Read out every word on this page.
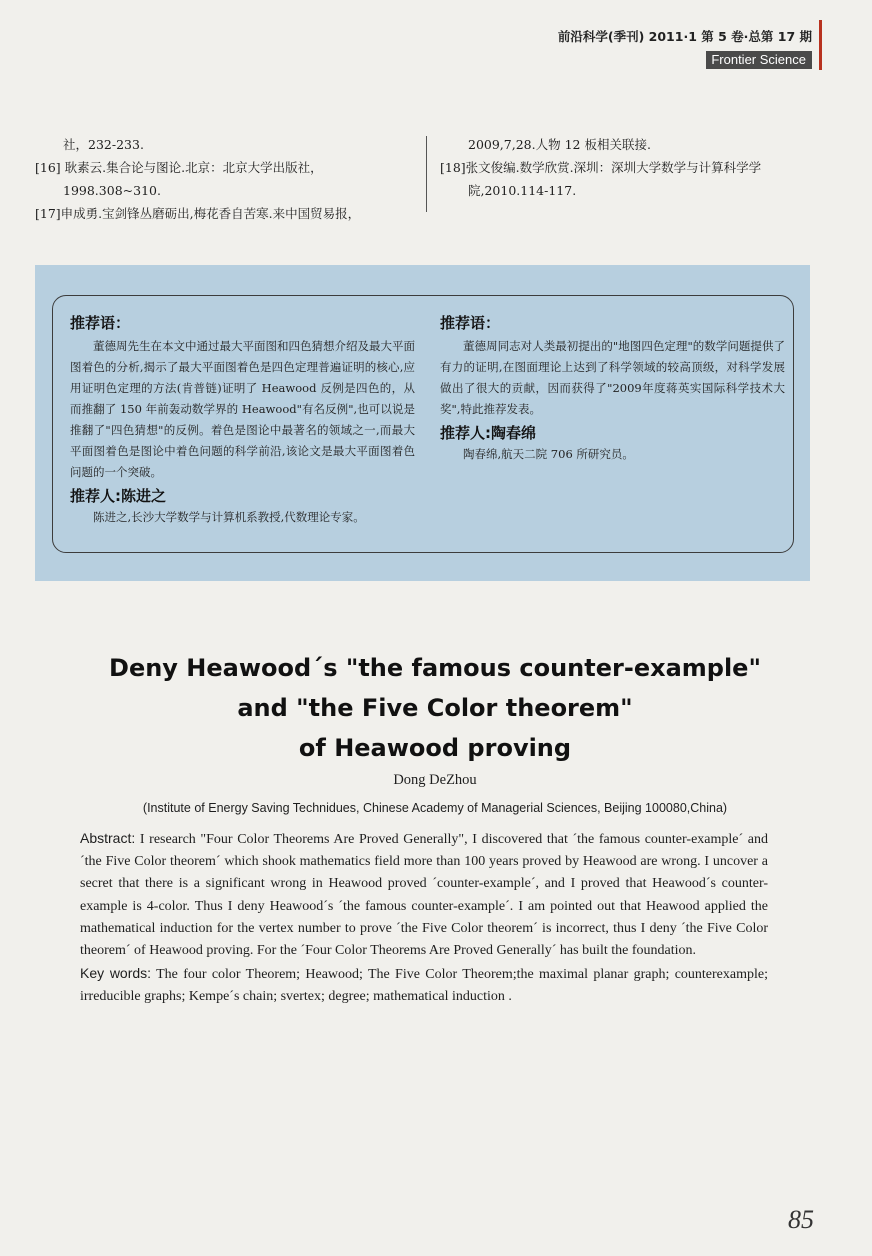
前沿科学(季刊) 2011·1 第 5 卷·总第 17 期
Frontier Science
社，232-233.
[16] 耿素云.集合论与图论.北京：北京大学出版社，
1998.308~310.
[17]申成勇.宝剑锋丛磨砺出,梅花香自苦寒.来中国贸易报，
2009,7,28.人物 12 板相关联接.
[18]张文俊编.数学欣赏.深圳：深圳大学数学与计算科学学
院,2010.114-117.
推荐语：
董德周先生在本文中通过最大平面图和四色猜想介绍及最大平面图着色的分析,揭示了最大平面图着色是四色定理普遍证明的核心,应用证明色定理的方法(肯普链)证明了 Heawood 反例是四色的，从而推翻了 150 年前轰动数学界的 Heawood"有名反例",也可以说是推翻了"四色猜想"的反例。着色是图论中最著名的领域之一,而最大平面图着色是图论中着色问题的科学前沿,该论文是最大平面图着色问题的一个突破。
推荐人:陈进之
陈进之,长沙大学数学与计算机系教授,代数理论专家。
推荐语：
董德周同志对人类最初提出的"地图四色定理"的数学问题提供了有力的证明,在图面理论上达到了科学领域的较高顶级，对科学发展做出了很大的贡献，因而获得了"2009年度蒋英实国际科学技术大奖",特此推荐发表。
推荐人:陶春绵
陶春绵,航天二院 706 所研究员。
Deny Heawood´s "the famous counter-example"
and "the Five Color theorem"
of Heawood proving
Dong DeZhou
(Institute of Energy Saving Technidues, Chinese Academy of Managerial Sciences, Beijing 100080,China)

Abstract: I research "Four Color Theorems Are Proved Generally", I discovered that ´the famous counter-example´ and ´the Five Color theorem´ which shook mathematics field more than 100 years proved by Heawood are wrong. I uncover a secret that there is a significant wrong in Heawood proved ´counter-example´, and I proved that Heawood´s counter-example is 4-color. Thus I deny Heawood´s ´the famous counter-example´. I am pointed out that Heawood applied the mathematical induction for the vertex number to prove ´the Five Color theorem´ is incorrect, thus I deny ´the Five Color theorem´ of Heawood proving. For the ´Four Color Theorems Are Proved Generally´ has built the foundation.

Key words: The four color Theorem; Heawood; The Five Color Theorem;the maximal planar graph; counterexample; irreducible graphs; Kempe´s chain; svertex; degree; mathematical induction .

85
